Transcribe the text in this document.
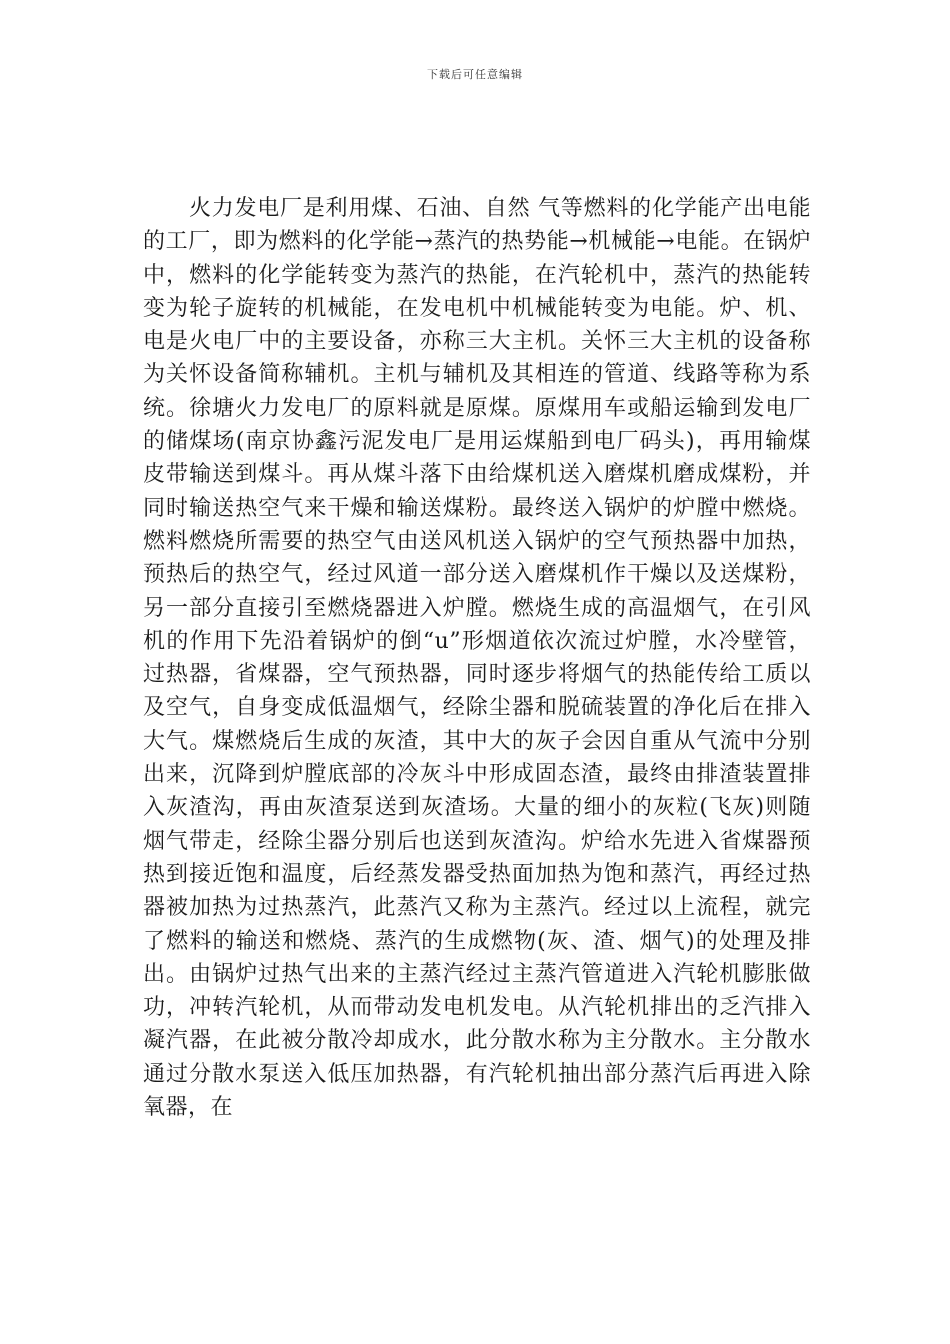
下载后可任意编辑

火力发电厂是利用煤、石油、自然 气等燃料的化学能产出电能的工厂，即为燃料的化学能→蒸汽的热势能→机械能→电能。在锅炉中，燃料的化学能转变为蒸汽的热能，在汽轮机中，蒸汽的热能转变为轮子旋转的机械能，在发电机中机械能转变为电能。炉、机、电是火电厂中的主要设备，亦称三大主机。关怀三大主机的设备称为关怀设备简称辅机。主机与辅机及其相连的管道、线路等称为系统。徐塘火力发电厂的原料就是原煤。原煤用车或船运输到发电厂的储煤场(南京协鑫污泥发电厂是用运煤船到电厂码头)，再用输煤皮带输送到煤斗。再从煤斗落下由给煤机送入磨煤机磨成煤粉，并同时输送热空气来干燥和输送煤粉。最终送入锅炉的炉膛中燃烧。燃料燃烧所需要的热空气由送风机送入锅炉的空气预热器中加热，预热后的热空气，经过风道一部分送入磨煤机作干燥以及送煤粉，另一部分直接引至燃烧器进入炉膛。燃烧生成的高温烟气，在引风机的作用下先沿着锅炉的倒“u”形烟道依次流过炉膛，水冷壁管，过热器，省煤器，空气预热器，同时逐步将烟气的热能传给工质以及空气，自身变成低温烟气，经除尘器和脱硫装置的净化后在排入大气。煤燃烧后生成的灰渣，其中大的灰子会因自重从气流中分别出来，沉降到炉膛底部的冷灰斗中形成固态渣，最终由排渣装置排入灰渣沟，再由灰渣泵送到灰渣场。大量的细小的灰粒(飞灰)则随烟气带走，经除尘器分别后也送到灰渣沟。炉给水先进入省煤器预热到接近饱和温度，后经蒸发器受热面加热为饱和蒸汽，再经过热器被加热为过热蒸汽，此蒸汽又称为主蒸汽。经过以上流程，就完了燃料的输送和燃烧、蒸汽的生成燃物(灰、渣、烟气)的处理及排出。由锅炉过热气出来的主蒸汽经过主蒸汽管道进入汽轮机膨胀做功，冲转汽轮机，从而带动发电机发电。从汽轮机排出的乏汽排入凝汽器，在此被分散冷却成水，此分散水称为主分散水。主分散水通过分散水泵送入低压加热器，有汽轮机抽出部分蒸汽后再进入除氧器，在
